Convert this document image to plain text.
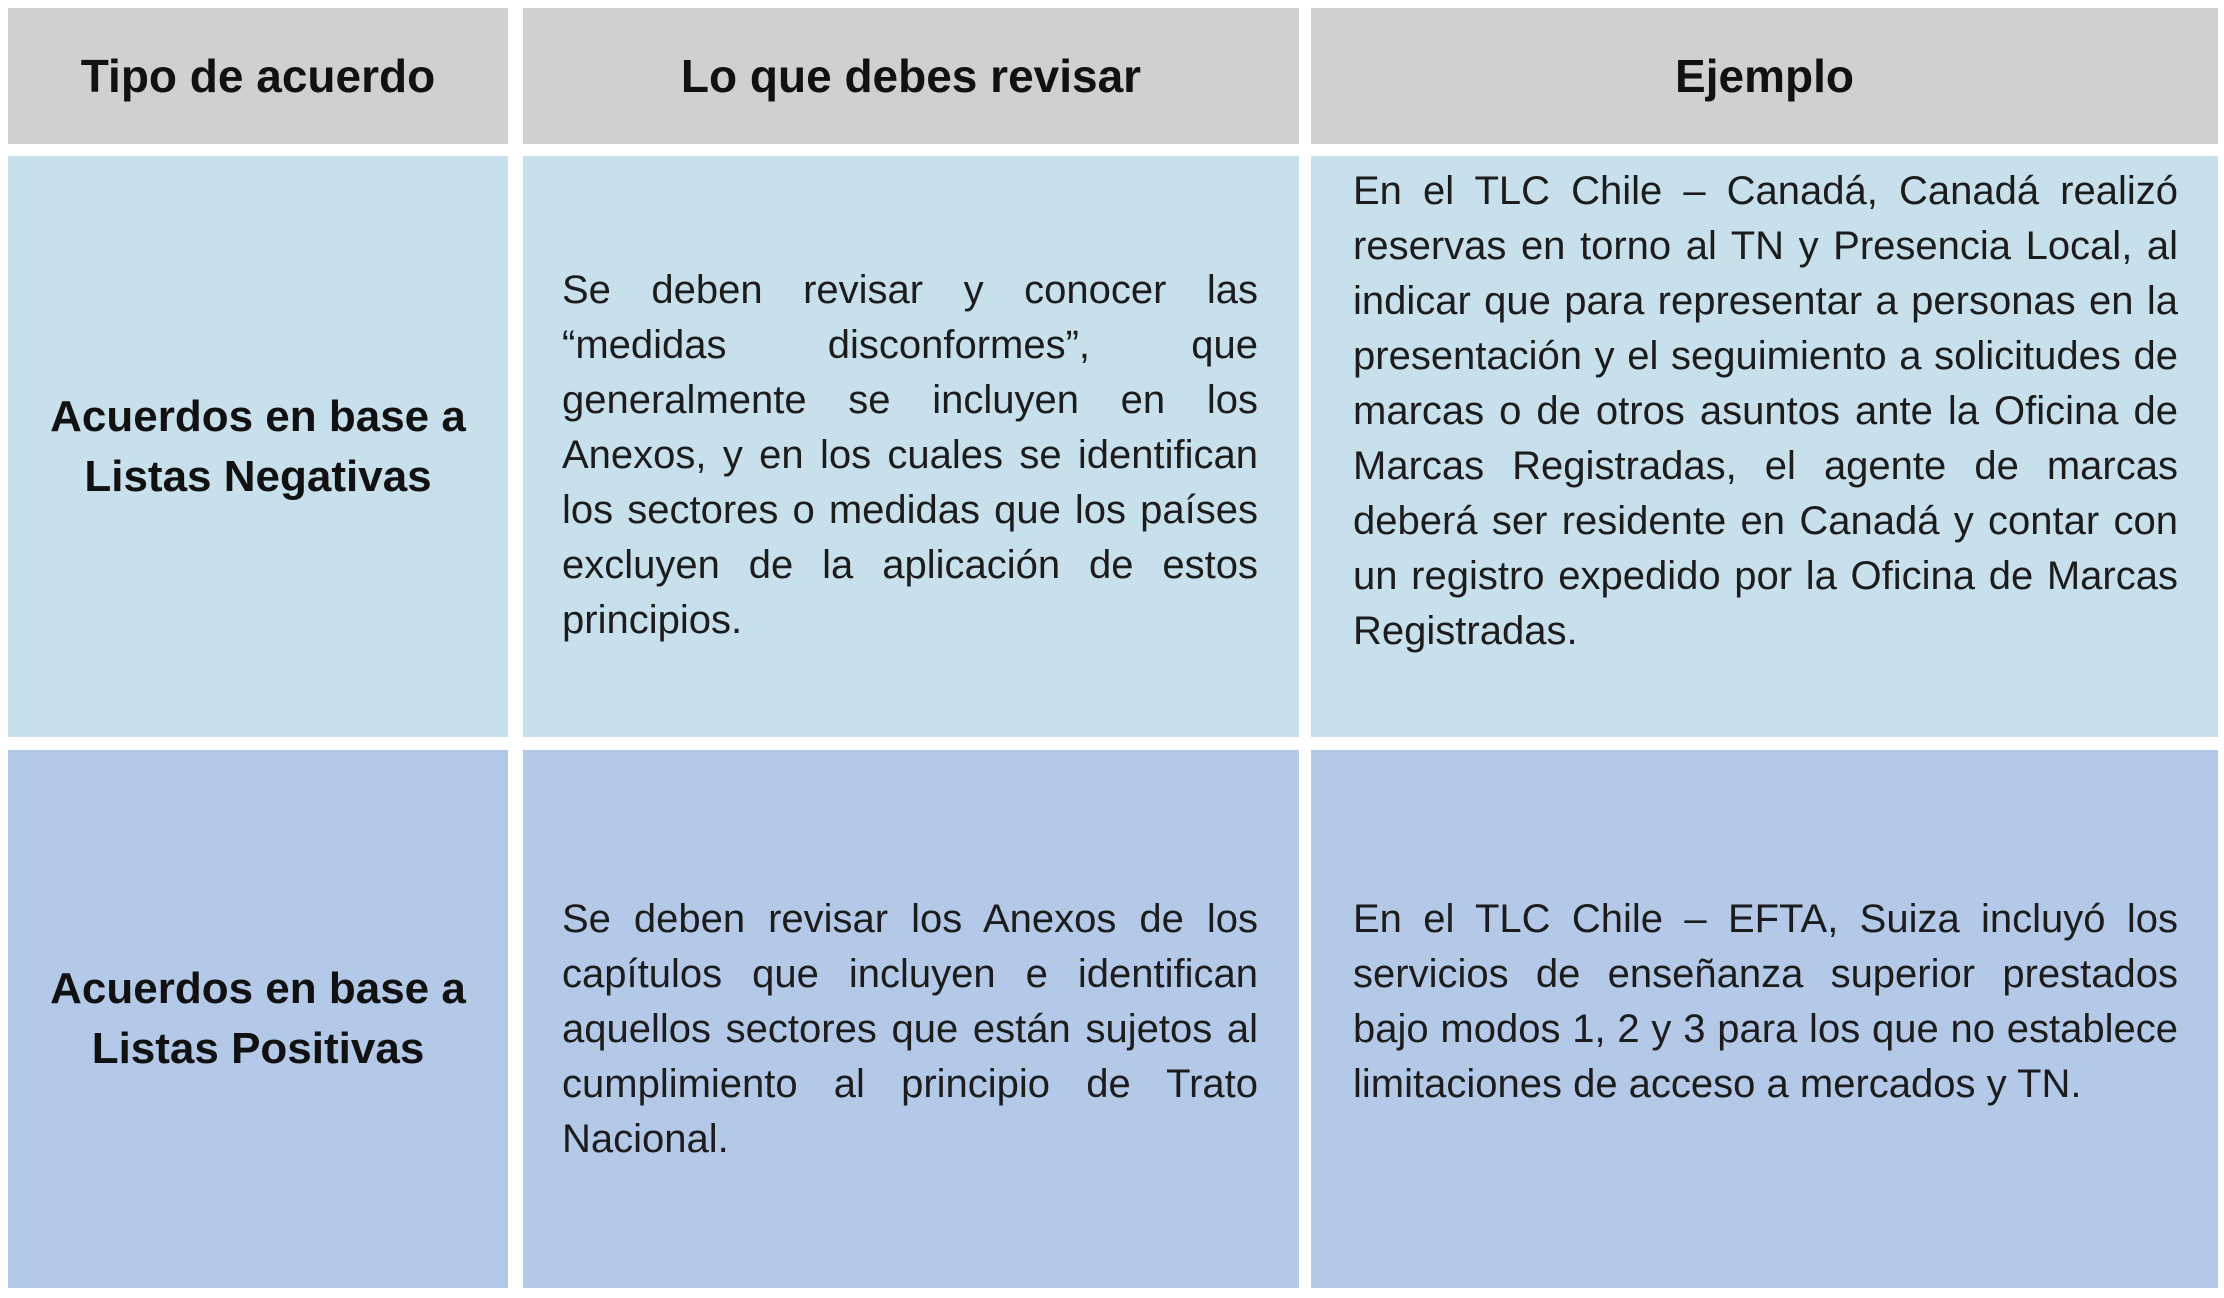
Tipo de acuerdo	Lo que debes revisar	Ejemplo
Acuerdos en base a Listas Negativas
Se deben revisar y conocer las “medidas disconformes”, que generalmente se incluyen en los Anexos, y en los cuales se identifican los sectores o medidas que los países excluyen de la aplicación de estos principios.
En el TLC Chile – Canadá, Canadá realizó reservas en torno al TN y Presencia Local, al indicar que para representar a personas en la presentación y el seguimiento a solicitudes de marcas o de otros asuntos ante la Oficina de Marcas Registradas, el agente de marcas deberá ser residente en Canadá y contar con un registro expedido por la Oficina de Marcas Registradas.
Acuerdos en base a Listas Positivas
Se deben revisar los Anexos de los capítulos que incluyen e identifican aquellos sectores que están sujetos al cumplimiento al principio de Trato Nacional.
En el TLC Chile – EFTA, Suiza incluyó los servicios de enseñanza superior prestados bajo modos 1, 2 y 3 para los que no establece limitaciones de acceso a mercados y TN.
